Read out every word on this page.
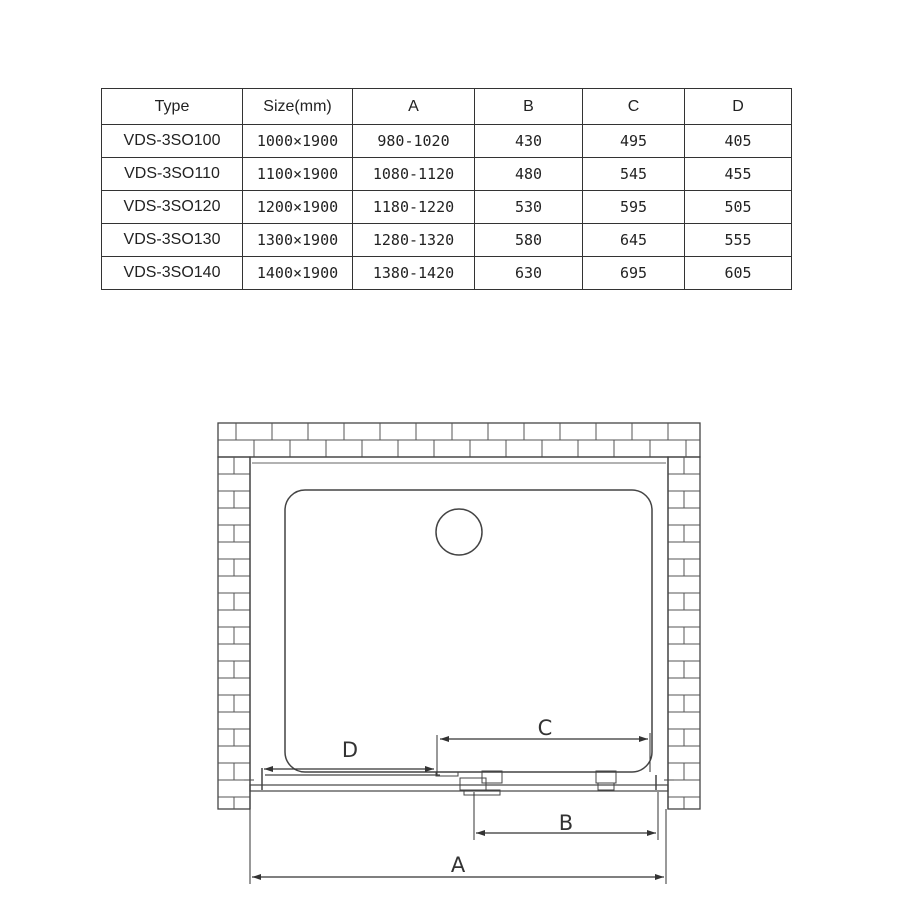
Type	Size(mm)	A	B	C	D
VDS-3SO100	1000×1900	980-1020	430	495	405
VDS-3SO110	1100×1900	1080-1120	480	545	455
VDS-3SO120	1200×1900	1180-1220	530	595	505
VDS-3SO130	1300×1900	1280-1320	580	645	555
VDS-3SO140	1400×1900	1380-1420	630	695	605
D
C
B
A
